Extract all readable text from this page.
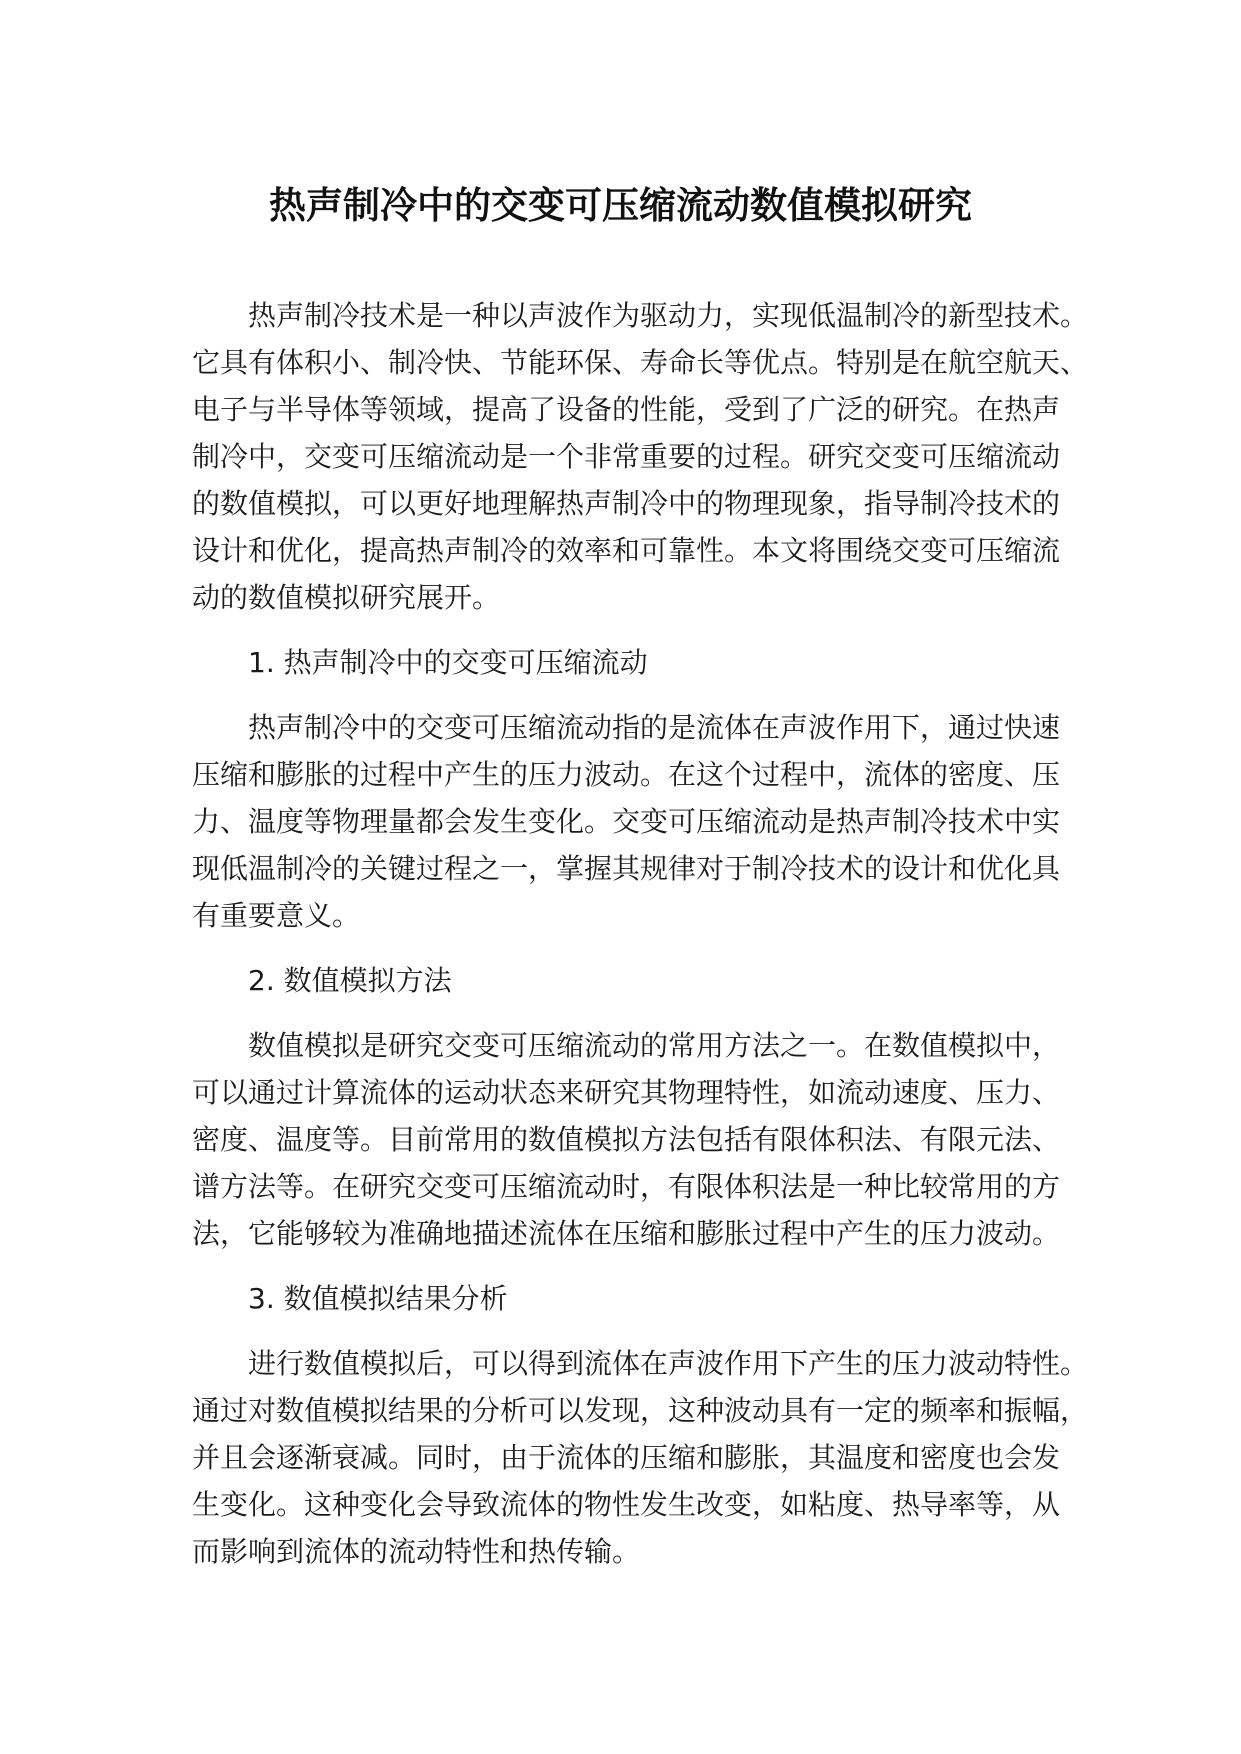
热声制冷中的交变可压缩流动数值模拟研究
热声制冷技术是一种以声波作为驱动力，实现低温制冷的新型技术。
它具有体积小、制冷快、节能环保、寿命长等优点。特别是在航空航天、
电子与半导体等领域，提高了设备的性能，受到了广泛的研究。在热声
制冷中，交变可压缩流动是一个非常重要的过程。研究交变可压缩流动
的数值模拟，可以更好地理解热声制冷中的物理现象，指导制冷技术的
设计和优化，提高热声制冷的效率和可靠性。本文将围绕交变可压缩流
动的数值模拟研究展开。
1. 热声制冷中的交变可压缩流动
热声制冷中的交变可压缩流动指的是流体在声波作用下，通过快速
压缩和膨胀的过程中产生的压力波动。在这个过程中，流体的密度、压
力、温度等物理量都会发生变化。交变可压缩流动是热声制冷技术中实
现低温制冷的关键过程之一，掌握其规律对于制冷技术的设计和优化具
有重要意义。
2. 数值模拟方法
数值模拟是研究交变可压缩流动的常用方法之一。在数值模拟中，
可以通过计算流体的运动状态来研究其物理特性，如流动速度、压力、
密度、温度等。目前常用的数值模拟方法包括有限体积法、有限元法、
谱方法等。在研究交变可压缩流动时，有限体积法是一种比较常用的方
法，它能够较为准确地描述流体在压缩和膨胀过程中产生的压力波动。
3. 数值模拟结果分析
进行数值模拟后，可以得到流体在声波作用下产生的压力波动特性。
通过对数值模拟结果的分析可以发现，这种波动具有一定的频率和振幅，
并且会逐渐衰减。同时，由于流体的压缩和膨胀，其温度和密度也会发
生变化。这种变化会导致流体的物性发生改变，如粘度、热导率等，从
而影响到流体的流动特性和热传输。
